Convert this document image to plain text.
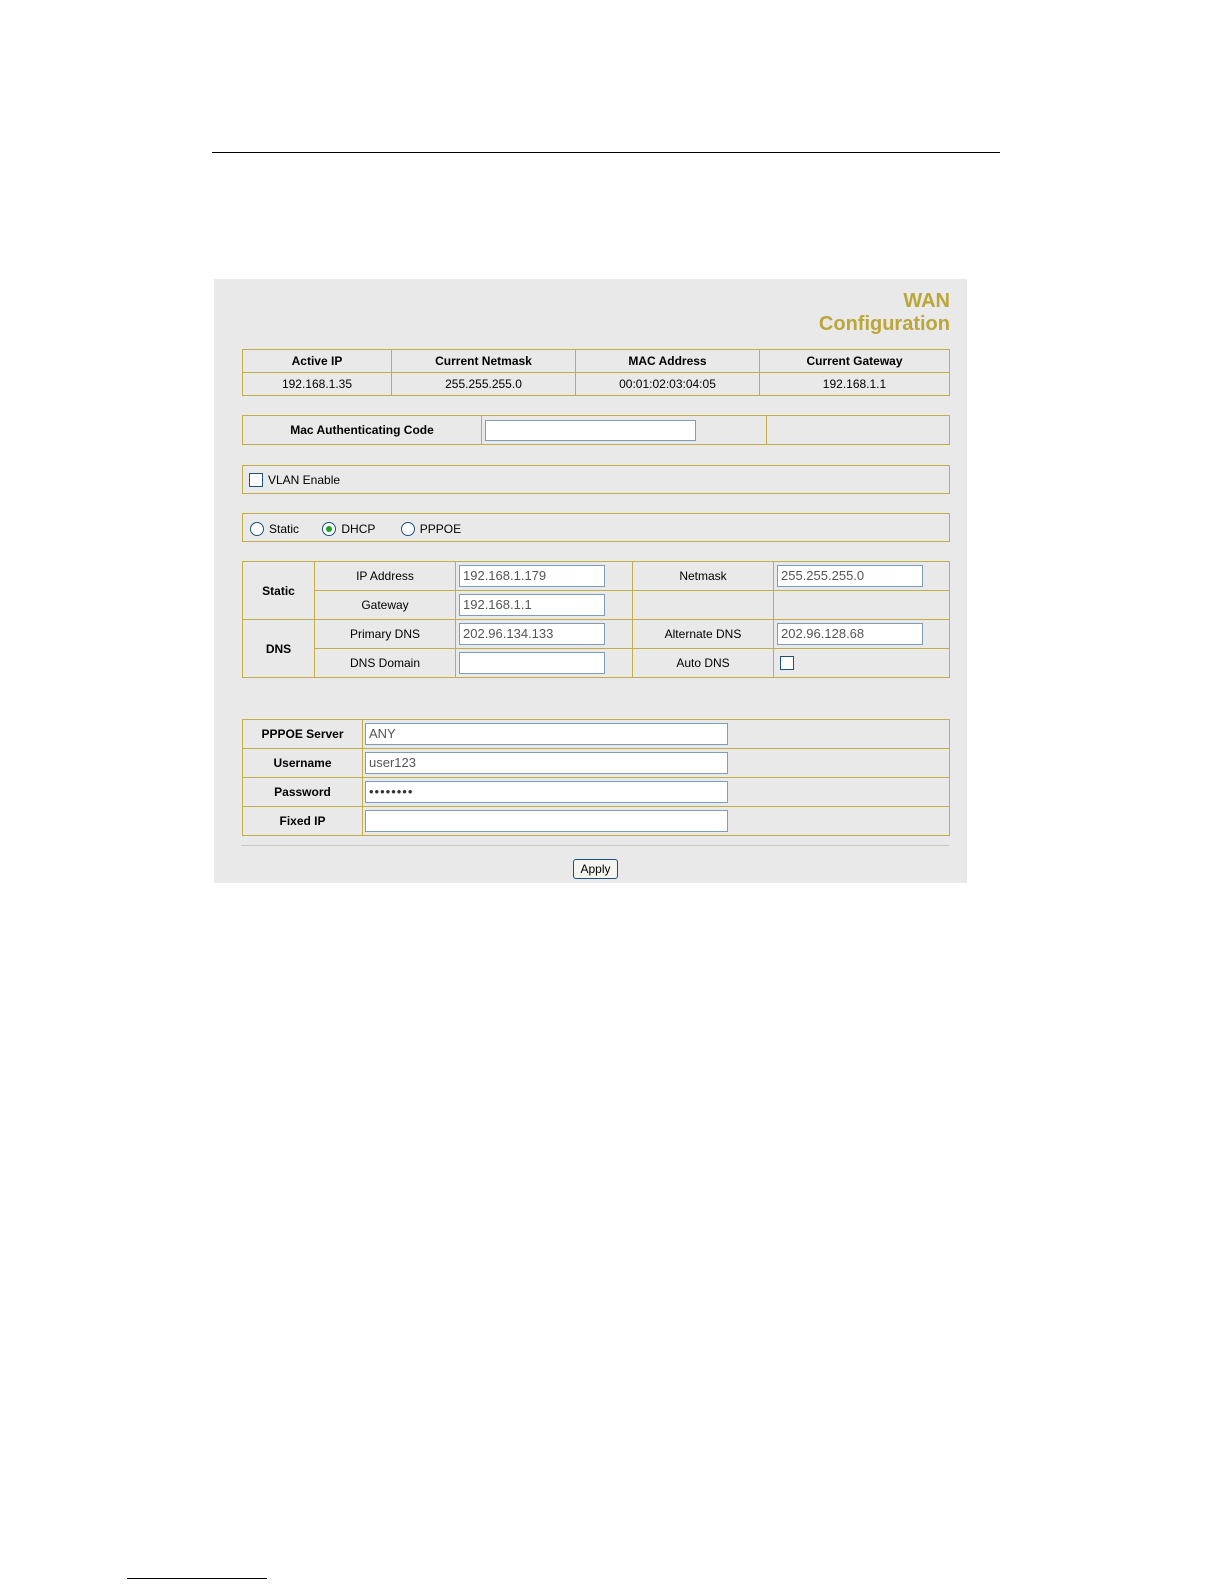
WAN Configuration
Active IP	Current Netmask	MAC Address	Current Gateway
192.168.1.35	255.255.255.0	00:01:02:03:04:05	192.168.1.1
Mac Authenticating Code		
VLAN Enable
Static	DHCP	PPPOE
Static	IP Address	192.168.1.179	Netmask	255.255.255.0
	Gateway	192.168.1.1		
DNS	Primary DNS	202.96.134.133	Alternate DNS	202.96.128.68
	DNS Domain		Auto DNS	
PPPOE Server	ANY
Username	user123
Password	••••••••
Fixed IP	
Apply
